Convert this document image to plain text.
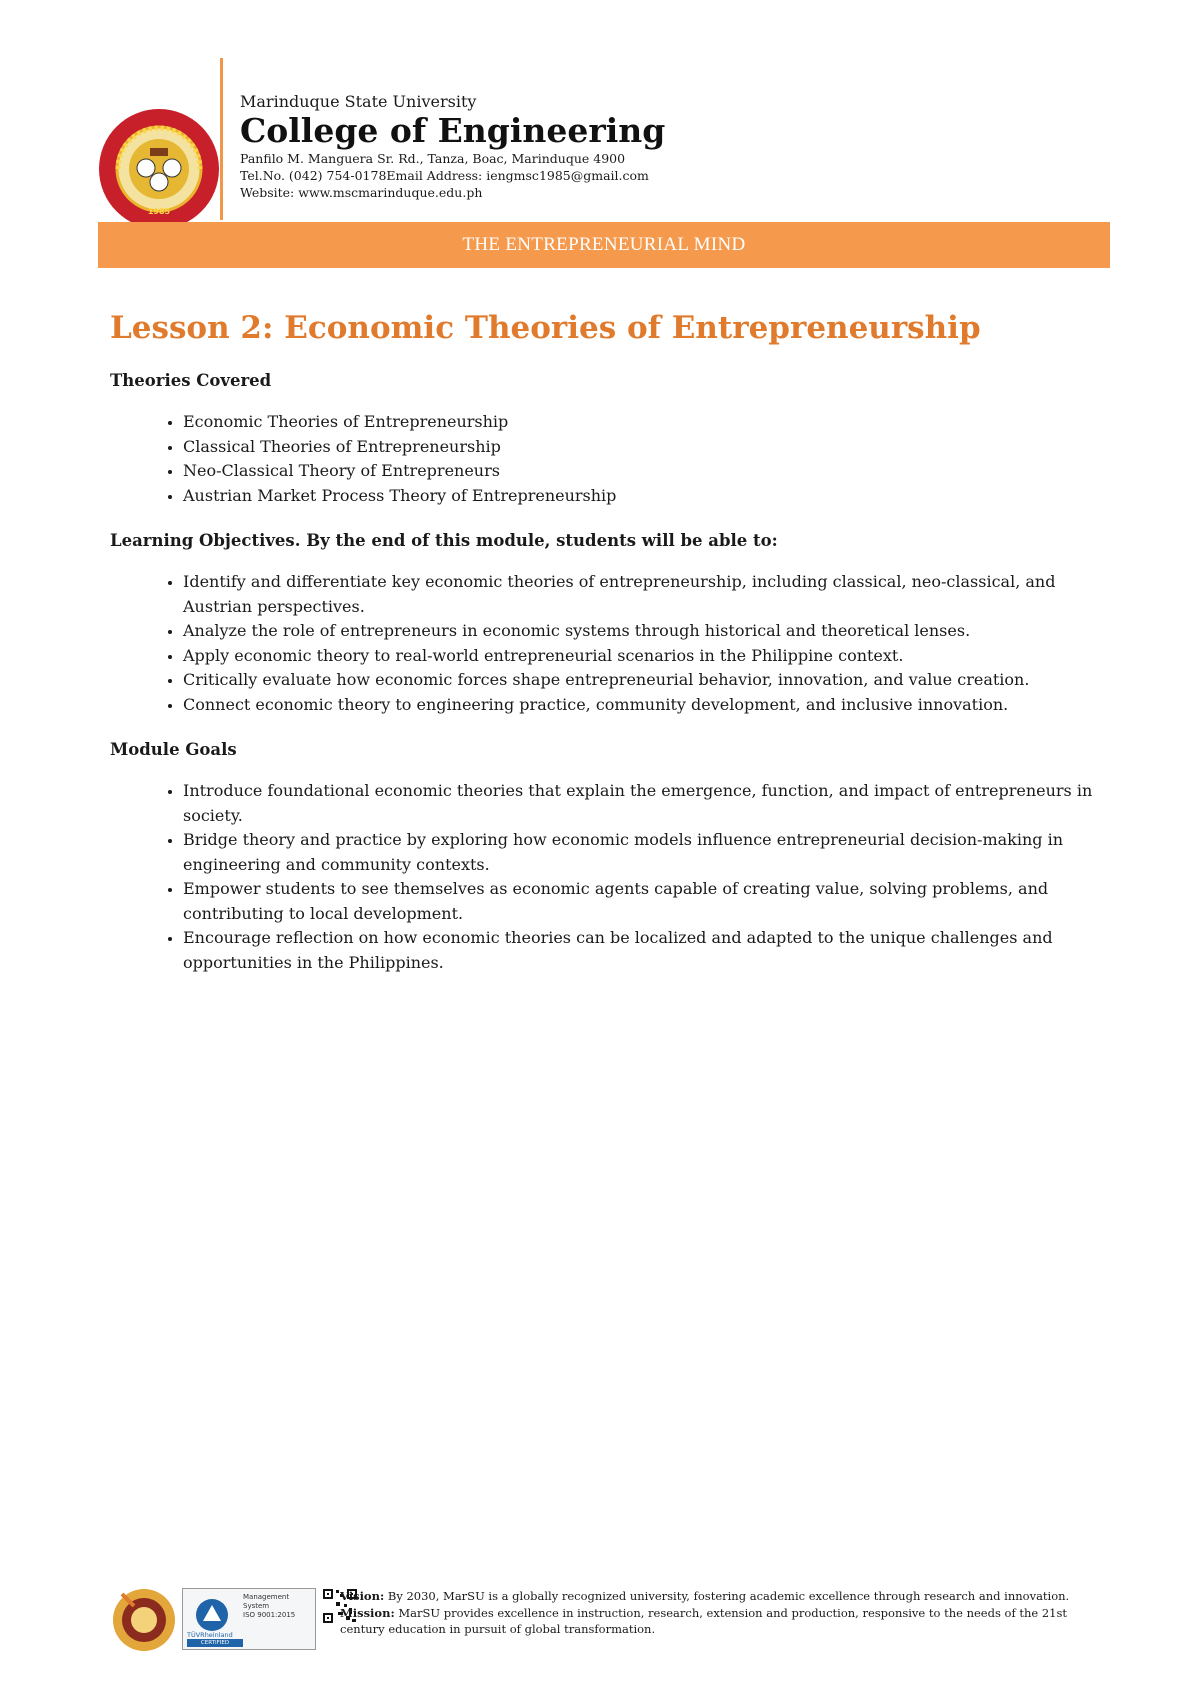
1985

Marinduque State University

College of Engineering

Panfilo M. Manguera Sr. Rd., Tanza, Boac, Marinduque 4900

Tel.No. (042) 754-0178Email Address: iengmsc1985@gmail.com

Website: www.mscmarinduque.edu.ph

THE ENTREPRENEURIAL MIND
Lesson 2: Economic Theories of Entrepreneurship
Theories Covered
• Economic Theories of Entrepreneurship
• Classical Theories of Entrepreneurship
• Neo-Classical Theory of Entrepreneurs
• Austrian Market Process Theory of Entrepreneurship
Learning Objectives. By the end of this module, students will be able to:
• Identify and differentiate key economic theories of entrepreneurship, including classical, neo-classical, and Austrian perspectives.
• Analyze the role of entrepreneurs in economic systems through historical and theoretical lenses.
• Apply economic theory to real-world entrepreneurial scenarios in the Philippine context.
• Critically evaluate how economic forces shape entrepreneurial behavior, innovation, and value creation.
• Connect economic theory to engineering practice, community development, and inclusive innovation.
Module Goals
• Introduce foundational economic theories that explain the emergence, function, and impact of entrepreneurs in society.
• Bridge theory and practice by exploring how economic models influence entrepreneurial decision-making in engineering and community contexts.
• Empower students to see themselves as economic agents capable of creating value, solving problems, and contributing to local development.
• Encourage reflection on how economic theories can be localized and adapted to the unique challenges and opportunities in the Philippines.
Management System
ISO 9001:2015
TÜVRheinland
CERTIFIED

Vision: By 2030, MarSU is a globally recognized university, fostering academic excellence through research and innovation.

Mission: MarSU provides excellence in instruction, research, extension and production, responsive to the needs of the 21st century education in pursuit of global transformation.
